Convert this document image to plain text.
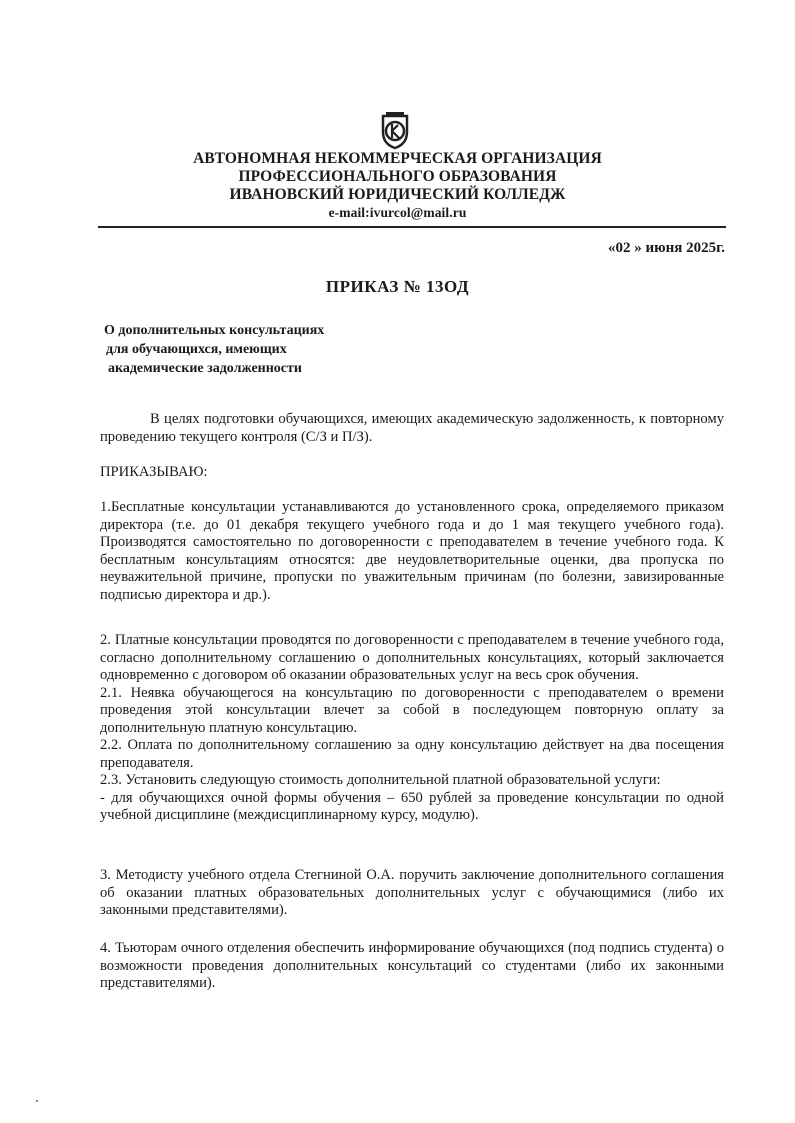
АВТОНОМНАЯ НЕКОММЕРЧЕСКАЯ ОРГАНИЗАЦИЯ
ПРОФЕССИОНАЛЬНОГО ОБРАЗОВАНИЯ
ИВАНОВСКИЙ ЮРИДИЧЕСКИЙ КОЛЛЕДЖ
e-mail:ivurcol@mail.ru
«02 » июня 2025г.
ПРИКАЗ № 13ОД
О дополнительных консультациях
для обучающихся, имеющих
академические задолженности

В целях подготовки обучающихся, имеющих академическую задолженность, к повторному проведению текущего контроля (С/З и П/З).

ПРИКАЗЫВАЮ:

1.Бесплатные консультации устанавливаются до установленного срока, определяемого приказом директора (т.е. до 01 декабря текущего учебного года и до 1 мая текущего учебного года). Производятся самостоятельно по договоренности с преподавателем в течение учебного года. К бесплатным консультациям относятся: две неудовлетворительные оценки, два пропуска по неуважительной причине, пропуски по уважительным причинам (по болезни, завизированные подписью директора и др.).

2. Платные консультации проводятся по договоренности с преподавателем в течение учебного года, согласно дополнительному соглашению о дополнительных консультациях, который заключается одновременно с договором об оказании образовательных услуг на весь срок обучения.

2.1. Неявка обучающегося на консультацию по договоренности с преподавателем о времени проведения этой консультации влечет за собой в последующем повторную оплату за дополнительную платную консультацию.

2.2. Оплата по дополнительному соглашению за одну консультацию действует на два посещения преподавателя.

2.3. Установить следующую стоимость дополнительной платной образовательной услуги:

- для обучающихся очной формы обучения – 650 рублей за проведение консультации по одной учебной дисциплине (междисциплинарному курсу, модулю).

3. Методисту учебного отдела Стегниной О.А. поручить заключение дополнительного соглашения об оказании платных образовательных дополнительных услуг с обучающимися (либо их законными представителями).

4. Тьюторам очного отделения обеспечить информирование обучающихся (под подпись студента) о возможности проведения дополнительных консультаций со студентами (либо их законными представителями).
